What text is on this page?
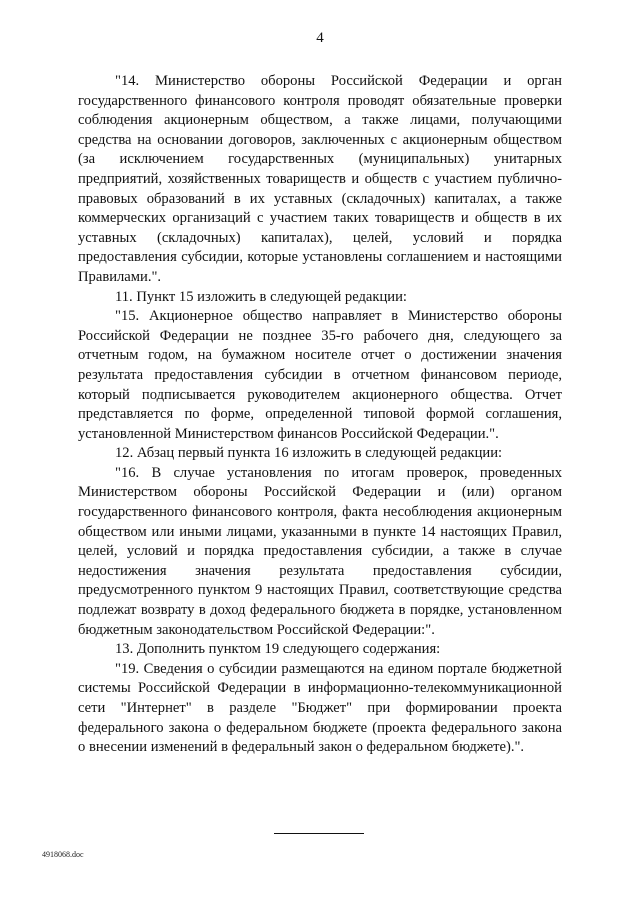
4

"14. Министерство обороны Российской Федерации и орган государственного финансового контроля проводят обязательные проверки соблюдения акционерным обществом, а также лицами, получающими средства на основании договоров, заключенных с акционерным обществом (за исключением государственных (муниципальных) унитарных предприятий, хозяйственных товариществ и обществ с участием публично-правовых образований в их уставных (складочных) капиталах, а также коммерческих организаций с участием таких товариществ и обществ в их уставных (складочных) капиталах), целей, условий и порядка предоставления субсидии, которые установлены соглашением и настоящими Правилами.".

11. Пункт 15 изложить в следующей редакции:

"15. Акционерное общество направляет в Министерство обороны Российской Федерации не позднее 35-го рабочего дня, следующего за отчетным годом, на бумажном носителе отчет о достижении значения результата предоставления субсидии в отчетном финансовом периоде, который подписывается руководителем акционерного общества. Отчет представляется по форме, определенной типовой формой соглашения, установленной Министерством финансов Российской Федерации.".

12. Абзац первый пункта 16 изложить в следующей редакции:

"16. В случае установления по итогам проверок, проведенных Министерством обороны Российской Федерации и (или) органом государственного финансового контроля, факта несоблюдения акционерным обществом или иными лицами, указанными в пункте 14 настоящих Правил, целей, условий и порядка предоставления субсидии, а также в случае недостижения значения результата предоставления субсидии, предусмотренного пунктом 9 настоящих Правил, соответствующие средства подлежат возврату в доход федерального бюджета в порядке, установленном бюджетным законодательством Российской Федерации:".

13. Дополнить пунктом 19 следующего содержания:

"19. Сведения о субсидии размещаются на едином портале бюджетной системы Российской Федерации в информационно-телекоммуникационной сети "Интернет" в разделе "Бюджет" при формировании проекта федерального закона о федеральном бюджете (проекта федерального закона о внесении изменений в федеральный закон о федеральном бюджете).".

4918068.doc
